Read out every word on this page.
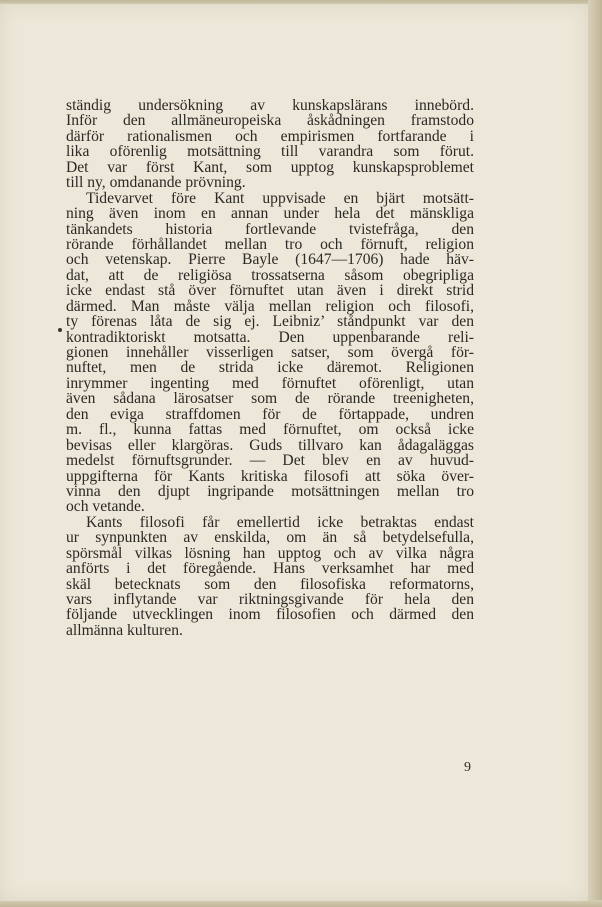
ständig undersökning av kunskapslärans innebörd.
Inför den allmäneuropeiska åskådningen framstodo
därför rationalismen och empirismen fortfarande i
lika oförenlig motsättning till varandra som förut.
Det var först Kant, som upptog kunskapsproblemet
till ny, omdanande prövning.
Tidevarvet före Kant uppvisade en bjärt motsätt-
ning även inom en annan under hela det mänskliga
tänkandets historia fortlevande tvistefråga, den
rörande förhållandet mellan tro och förnuft, religion
och vetenskap. Pierre Bayle (1647—1706) hade häv-
dat, att de religiösa trossatserna såsom obegripliga
icke endast stå över förnuftet utan även i direkt strid
därmed. Man måste välja mellan religion och filosofi,
ty förenas låta de sig ej. Leibniz’ ståndpunkt var den
kontradiktoriskt motsatta. Den uppenbarande reli-
gionen innehåller visserligen satser, som övergå för-
nuftet, men de strida icke däremot. Religionen
inrymmer ingenting med förnuftet oförenligt, utan
även sådana lärosatser som de rörande treenigheten,
den eviga straffdomen för de förtappade, undren
m. fl., kunna fattas med förnuftet, om också icke
bevisas eller klargöras. Guds tillvaro kan ådagaläggas
medelst förnuftsgrunder. — Det blev en av huvud-
uppgifterna för Kants kritiska filosofi att söka över-
vinna den djupt ingripande motsättningen mellan tro
och vetande.
Kants filosofi får emellertid icke betraktas endast
ur synpunkten av enskilda, om än så betydelsefulla,
spörsmål vilkas lösning han upptog och av vilka några
anförts i det föregående. Hans verksamhet har med
skäl betecknats som den filosofiska reformatorns,
vars inflytande var riktningsgivande för hela den
följande utvecklingen inom filosofien och därmed den
allmänna kulturen.
9
